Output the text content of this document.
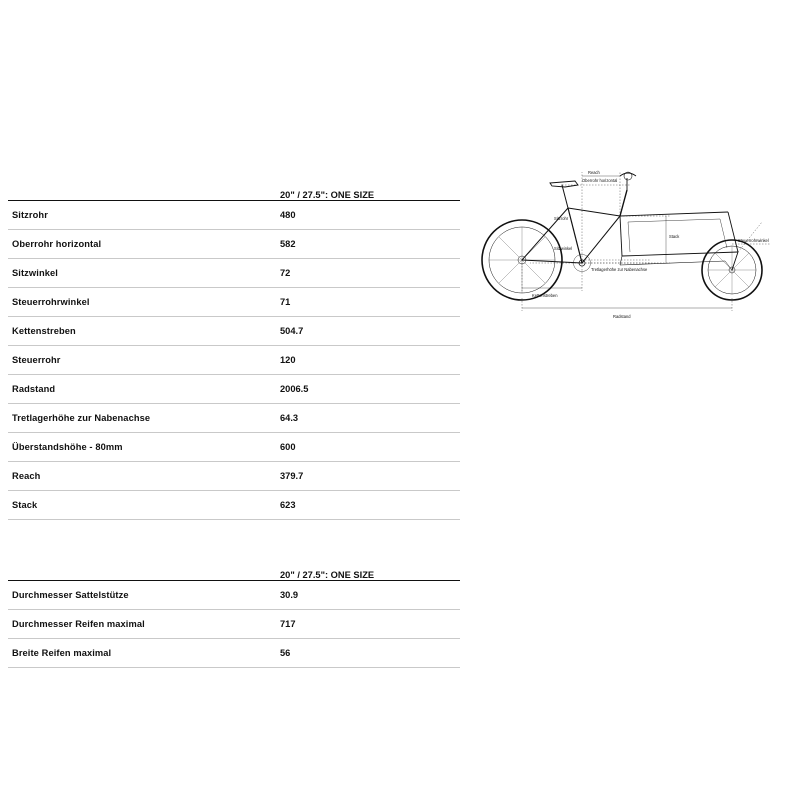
	20" / 27.5": ONE SIZE
Sitzrohr	480
Oberrohr horizontal	582
Sitzwinkel	72
Steuerrohrwinkel	71
Kettenstreben	504.7
Steuerrohr	120
Radstand	2006.5
Tretlagerhöhe zur Nabenachse	64.3
Überstandshöhe - 80mm	600
Reach	379.7
Stack	623
	20" / 27.5": ONE SIZE
Durchmesser Sattelstütze	30.9
Durchmesser Reifen maximal	717
Breite Reifen maximal	56
Reach
Oberrohr horizontal
Sitzrohr
Sitzwinkel
Stack
Steuerrohrwinkel
Kettenstreben
Tretlagerhöhe zur Nabenachse
Radstand
